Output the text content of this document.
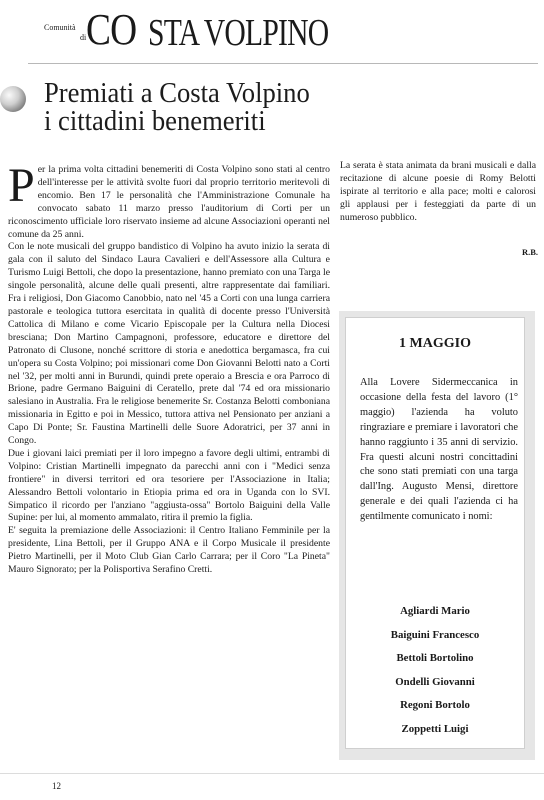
Comunità
di CO STA VOLPINO
Premiati a Costa Volpino
i cittadini benemeriti

Per la prima volta cittadini benemeriti di Costa Volpino sono stati al centro dell'interesse per le attività svolte fuori dal proprio territorio meritevoli di encomio. Ben 17 le personalità che l'Amministrazione Comunale ha convocato sabato 11 marzo presso l'auditorium di Corti per un riconoscimento ufficiale loro riservato insieme ad alcune Associazioni operanti nel comune da 25 anni.

Con le note musicali del gruppo bandistico di Volpino ha avuto inizio la serata di gala con il saluto del Sindaco Laura Cavalieri e dell'Assessore alla Cultura e Turismo Luigi Bettoli, che dopo la presentazione, hanno premiato con una Targa le singole personalità, alcune delle quali presenti, altre rappresentate dai familiari. Fra i religiosi, Don Giacomo Canobbio, nato nel '45 a Corti con una lunga carriera pastorale e teologica tuttora esercitata in qualità di docente presso l'Università Cattolica di Milano e come Vicario Episcopale per la Cultura nella Diocesi bresciana; Don Martino Campagnoni, professore, educatore e direttore del Patronato di Clusone, nonché scrittore di storia e anedottica bergamasca, fra cui un'opera su Costa Volpino; poi missionari come Don Giovanni Belotti nato a Corti nel '32, per molti anni in Burundi, quindi prete operaio a Brescia e ora Parroco di Brione, padre Germano Baiguini di Ceratello, prete dal '74 ed ora missionario salesiano in Australia. Fra le religiose benemerite Sr. Costanza Belotti comboniana missionaria in Egitto e poi in Messico, tuttora attiva nel Pensionato per anziani a Capo Di Ponte; Sr. Faustina Martinelli delle Suore Adoratrici, per 37 anni in Congo.

Due i giovani laici premiati per il loro impegno a favore degli ultimi, entrambi di Volpino: Cristian Martinelli impegnato da parecchi anni con i "Medici senza frontiere" in diversi territori ed ora tesoriere per l'Associazione in Italia; Alessandro Bettoli volontario in Etiopia prima ed ora in Uganda con lo SVI. Simpatico il ricordo per l'anziano "aggiusta-ossa" Bortolo Baiguini della Valle Supine: per lui, al momento ammalato, ritira il premio la figlia.

E' seguita la premiazione delle Associazioni: il Centro Italiano Femminile per la presidente, Lina Bettoli, per il Gruppo ANA e il Corpo Musicale il presidente Pietro Martinelli, per il Moto Club Gian Carlo Carrara; per il Coro "La Pineta" Mauro Signorato; per la Polisportiva Serafino Cretti.

La serata è stata animata da brani musicali e dalla recitazione di alcune poesie di Romy Belotti ispirate al territorio e alla pace; molti e calorosi gli applausi per i festeggiati da parte di un numeroso pubblico.

R.B.
1 MAGGIO
Alla Lovere Sidermeccanica in occasione della festa del lavoro (1° maggio) l'azienda ha voluto ringraziare e premiare i lavoratori che hanno raggiunto i 35 anni di servizio. Fra questi alcuni nostri concittadini che sono stati premiati con una targa dall'Ing. Augusto Mensi, direttore generale e dei quali l'azienda ci ha gentilmente comunicato i nomi:
Agliardi Mario
Baiguini Francesco
Bettoli Bortolino
Ondelli Giovanni
Regoni Bortolo
Zoppetti Luigi
12
